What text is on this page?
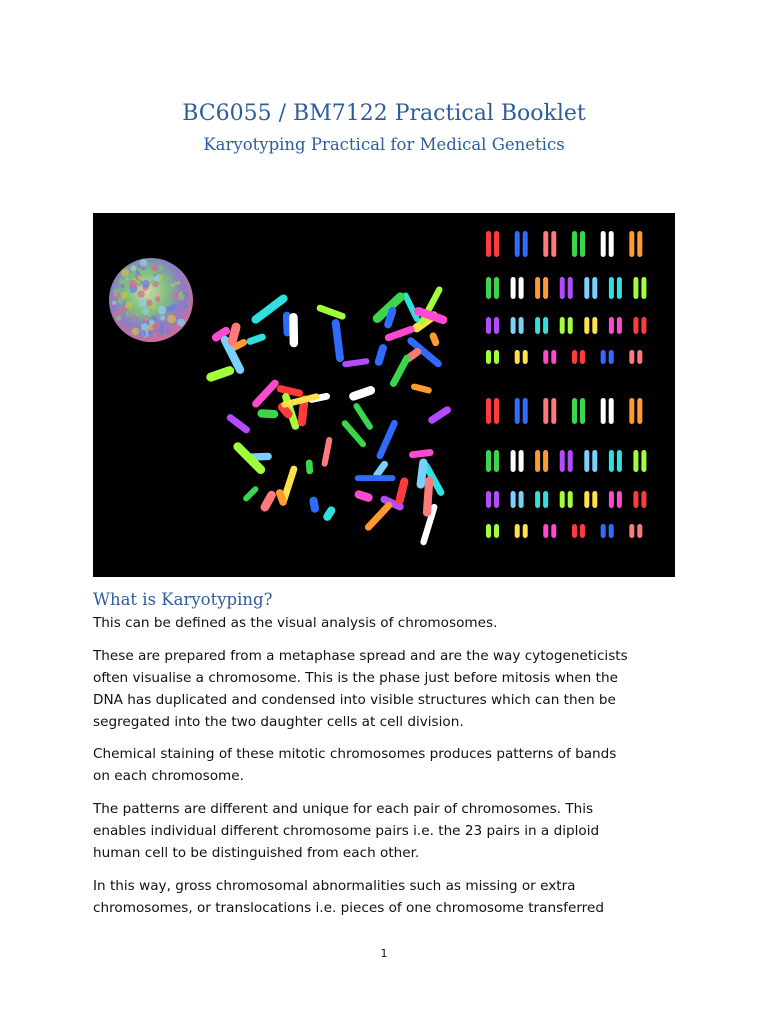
BC6055 / BM7122 Practical Booklet
Karyotyping Practical for Medical Genetics
What is Karyotyping?

This can be defined as the visual analysis of chromosomes.

These are prepared from a metaphase spread and are the way cytogeneticists
often visualise a chromosome. This is the phase just before mitosis when the
DNA has duplicated and condensed into visible structures which can then be
segregated into the two daughter cells at cell division.

Chemical staining of these mitotic chromosomes produces patterns of bands
on each chromosome.

The patterns are different and unique for each pair of chromosomes. This
enables individual different chromosome pairs i.e. the 23 pairs in a diploid
human cell to be distinguished from each other.

In this way, gross chromosomal abnormalities such as missing or extra
chromosomes, or translocations i.e. pieces of one chromosome transferred

1
